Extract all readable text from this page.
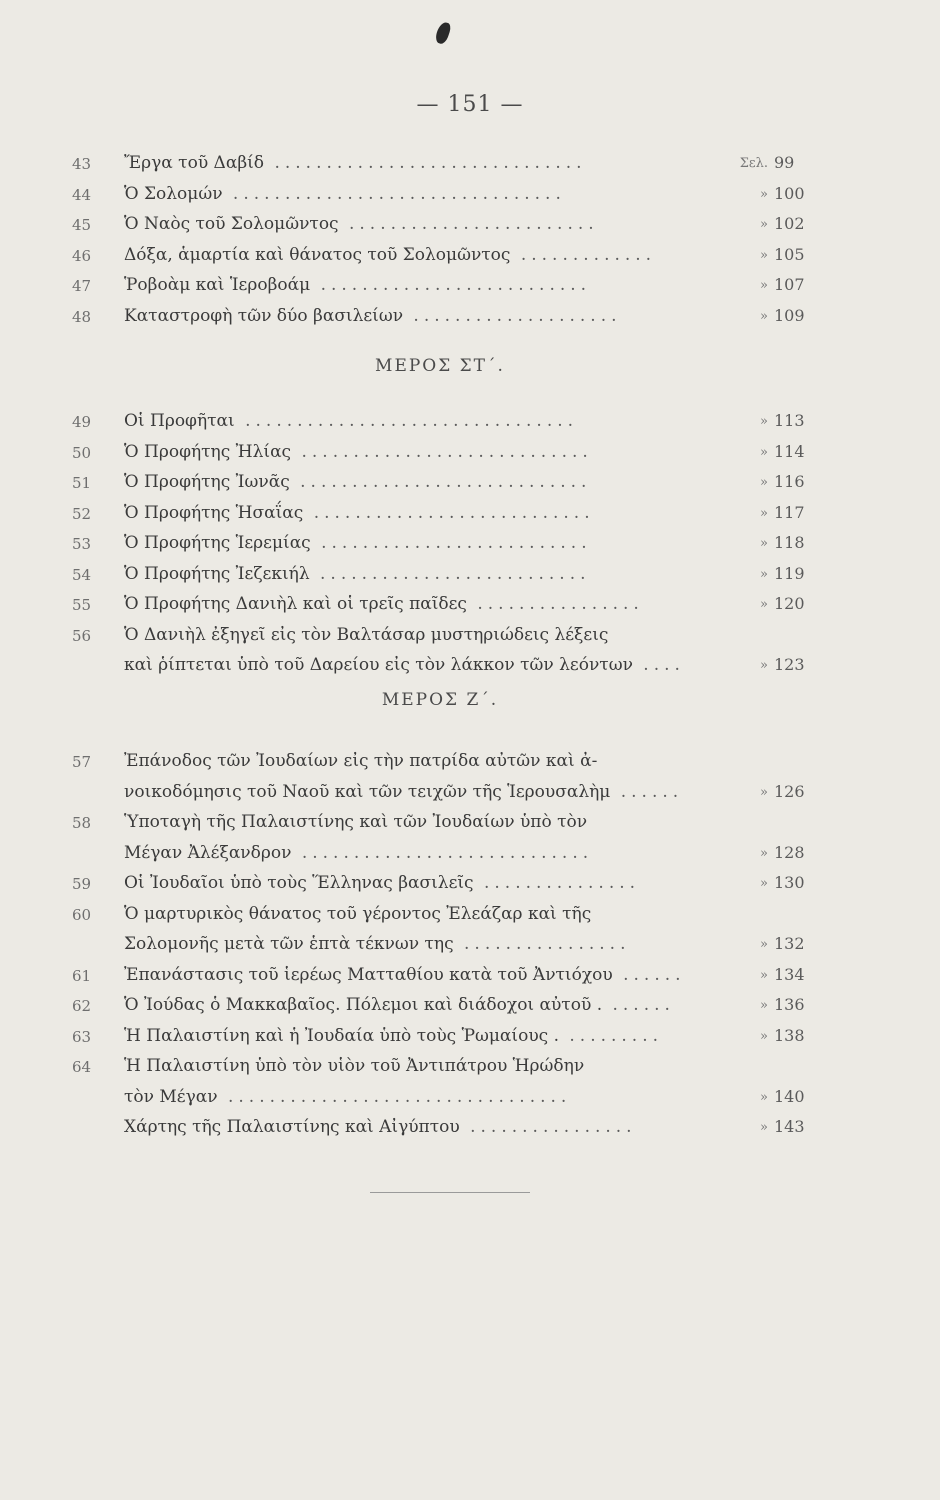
— 151 —
ΜΕΡΟΣ ΣΤ΄.
ΜΕΡΟΣ Ζ΄.
43	Ἔργα τοῦ Δαβίδ ..............................	Σελ. 99
44	Ὁ Σολομών ................................	» 100
45	Ὁ Ναὸς τοῦ Σολομῶντος ........................	» 102
46	Δόξα, ἁμαρτία καὶ θάνατος τοῦ Σολομῶντος .............	» 105
47	Ῥοβοὰμ καὶ Ἱεροβοάμ ..........................	» 107
48	Καταστροφὴ τῶν δύο βασιλείων ....................	» 109
49	Οἱ Προφῆται ................................	» 113
50	Ὁ Προφήτης Ἠλίας ............................	» 114
51	Ὁ Προφήτης Ἰωνᾶς ............................	» 116
52	Ὁ Προφήτης Ἡσαΐας ...........................	» 117
53	Ὁ Προφήτης Ἱερεμίας ..........................	» 118
54	Ὁ Προφήτης Ἰεζεκιήλ ..........................	» 119
55	Ὁ Προφήτης Δανιὴλ καὶ οἱ τρεῖς παῖδες ................	» 120
56	Ὁ Δανιὴλ ἐξηγεῖ εἰς τὸν Βαλτάσαρ μυστηριώδεις λέξεις
καὶ ῥίπτεται ὑπὸ τοῦ Δαρείου εἰς τὸν λάκκον τῶν λεόντων ....	» 123
57	Ἐπάνοδος τῶν Ἰουδαίων εἰς τὴν πατρίδα αὐτῶν καὶ ἀ-
νοικοδόμησις τοῦ Ναοῦ καὶ τῶν τειχῶν τῆς Ἱερουσαλὴμ ......	» 126
58	Ὑποταγὴ τῆς Παλαιστίνης καὶ τῶν Ἰουδαίων ὑπὸ τὸν
Μέγαν Ἀλέξανδρον ............................	» 128
59	Οἱ Ἰουδαῖοι ὑπὸ τοὺς Ἕλληνας βασιλεῖς ...............	» 130
60	Ὁ μαρτυρικὸς θάνατος τοῦ γέροντος Ἐλεάζαρ καὶ τῆς
Σολομονῆς μετὰ τῶν ἑπτὰ τέκνων της ................	» 132
61	Ἐπανάστασις τοῦ ἱερέως Ματταθίου κατὰ τοῦ Ἀντιόχου ......	» 134
62	Ὁ Ἰούδας ὁ Μακκαβαῖος. Πόλεμοι καὶ διάδοχοι αὐτοῦ . ......	» 136
63	Ἡ Παλαιστίνη καὶ ἡ Ἰουδαία ὑπὸ τοὺς Ῥωμαίους . .........	» 138
64	Ἡ Παλαιστίνη ὑπὸ τὸν υἱὸν τοῦ Ἀντιπάτρου Ἡρώδην
τὸν Μέγαν .................................	» 140
Χάρτης τῆς Παλαιστίνης καὶ Αἰγύπτου ................	» 143
